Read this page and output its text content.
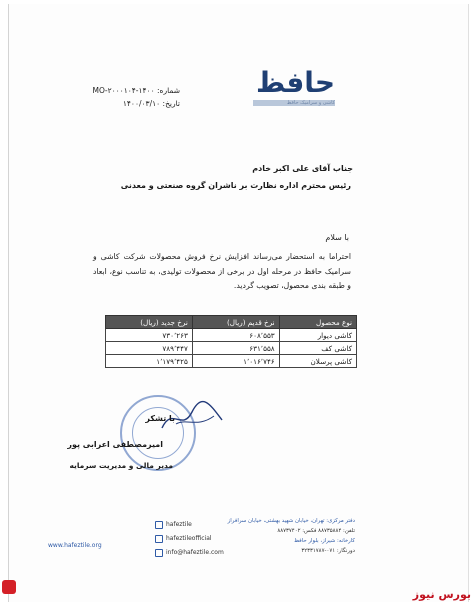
حافظ
کاشی و سرامیک حافظ
شماره: ۱۴۰۰-۲۰۰۰۱۰۴-MO
تاریخ: ۱۴۰۰/۰۳/۱۰
جناب آقای علی اکبر خادم
رئیس محترم اداره نظارت بر ناشران گروه صنعتی و معدنی
با سلام
احتراما به استحضار می‌رساند افزایش نرخ فروش محصولات شرکت کاشی و سرامیک حافظ در مرحله اول در برخی از محصولات تولیدی، به تناسب نوع، ابعاد و طبقه بندی محصول، تصویب گردید.
نوع محصول	نرخ قدیم (ریال)	نرخ جدید (ریال)
کاشی دیوار	۶۰۸٬۵۵۳	۷۳۰٬۲۶۳
کاشی کف	۶۳۱٬۵۵۸	۷۸۹٬۴۴۷
کاشی پرسلان	۱٬۰۱۶٬۷۴۶	۱٬۱۷۹٬۴۲۵
با تشکر
امیرمصطفی اعرابی پور
مدیر مالی و مدیریت سرمایه
www.hafeztile.org
hafeztile
hafeztileofficial
info@hafeztile.com
دفتر مرکزی: تهران، خیابان شهید بهشتی، خیابان سرافراز
تلفن: ۸۸۷۳۵۸۸۴ فکس: ۸۸۷۳۷۴۰۲
کارخانه: شیراز، بلوار حافظ
دورنگار: ۰۷۱-۳۲۳۳۱۷۸۷
بورس نیوز
